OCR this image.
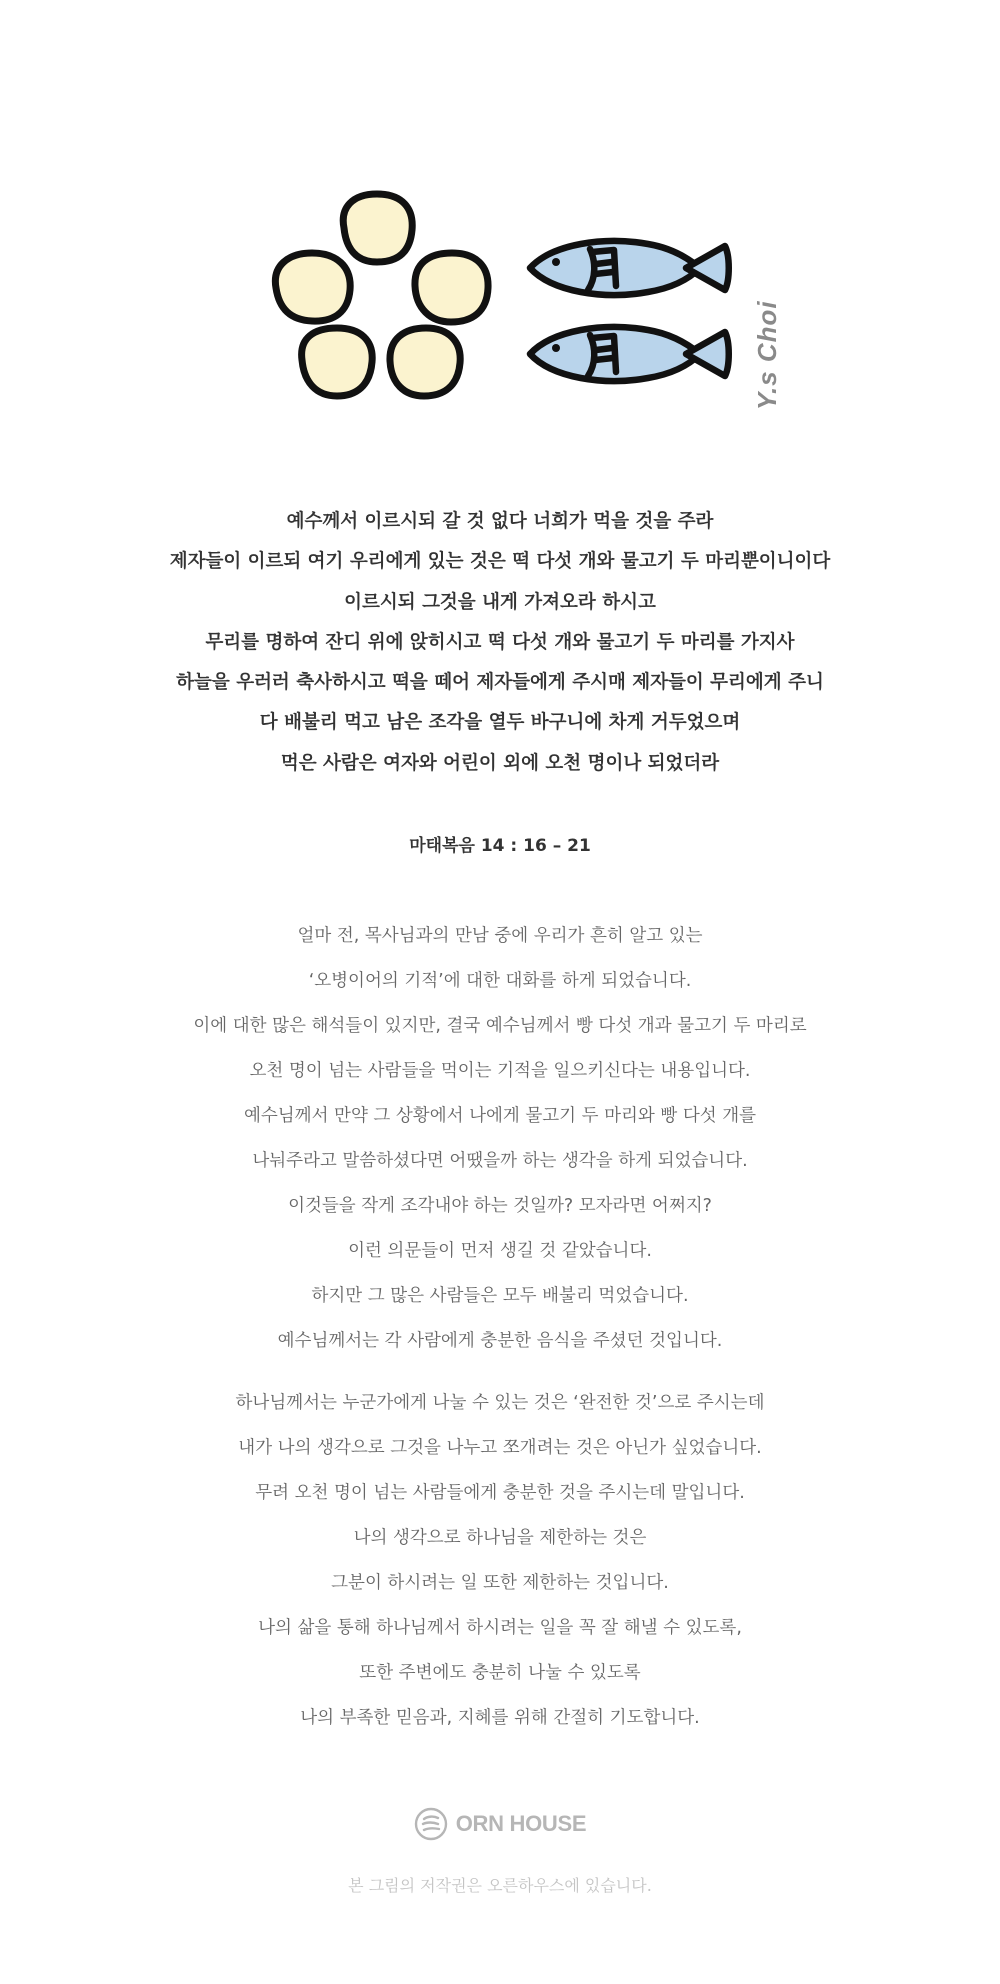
Y.s Choi
예수께서 이르시되 갈 것 없다 너희가 먹을 것을 주라
제자들이 이르되 여기 우리에게 있는 것은 떡 다섯 개와 물고기 두 마리뿐이니이다
이르시되 그것을 내게 가져오라 하시고
무리를 명하여 잔디 위에 앉히시고 떡 다섯 개와 물고기 두 마리를 가지사
하늘을 우러러 축사하시고 떡을 떼어 제자들에게 주시매 제자들이 무리에게 주니
다 배불리 먹고 남은 조각을 열두 바구니에 차게 거두었으며
먹은 사람은 여자와 어린이 외에 오천 명이나 되었더라
마태복음 14 : 16 – 21
얼마 전, 목사님과의 만남 중에 우리가 흔히 알고 있는
‘오병이어의 기적’에 대한 대화를 하게 되었습니다.
이에 대한 많은 해석들이 있지만, 결국 예수님께서 빵 다섯 개과 물고기 두 마리로
오천 명이 넘는 사람들을 먹이는 기적을 일으키신다는 내용입니다.
예수님께서 만약 그 상황에서 나에게 물고기 두 마리와 빵 다섯 개를
나눠주라고 말씀하셨다면 어땠을까 하는 생각을 하게 되었습니다.
이것들을 작게 조각내야 하는 것일까? 모자라면 어쩌지?
이런 의문들이 먼저 생길 것 같았습니다.
하지만 그 많은 사람들은 모두 배불리 먹었습니다.
예수님께서는 각 사람에게 충분한 음식을 주셨던 것입니다.
하나님께서는 누군가에게 나눌 수 있는 것은 ‘완전한 것’으로 주시는데
내가 나의 생각으로 그것을 나누고 쪼개려는 것은 아닌가 싶었습니다.
무려 오천 명이 넘는 사람들에게 충분한 것을 주시는데 말입니다.
나의 생각으로 하나님을 제한하는 것은
그분이 하시려는 일 또한 제한하는 것입니다.
나의 삶을 통해 하나님께서 하시려는 일을 꼭 잘 해낼 수 있도록,
또한 주변에도 충분히 나눌 수 있도록
나의 부족한 믿음과, 지혜를 위해 간절히 기도합니다.
ORN HOUSE
본 그림의 저작권은 오른하우스에 있습니다.
